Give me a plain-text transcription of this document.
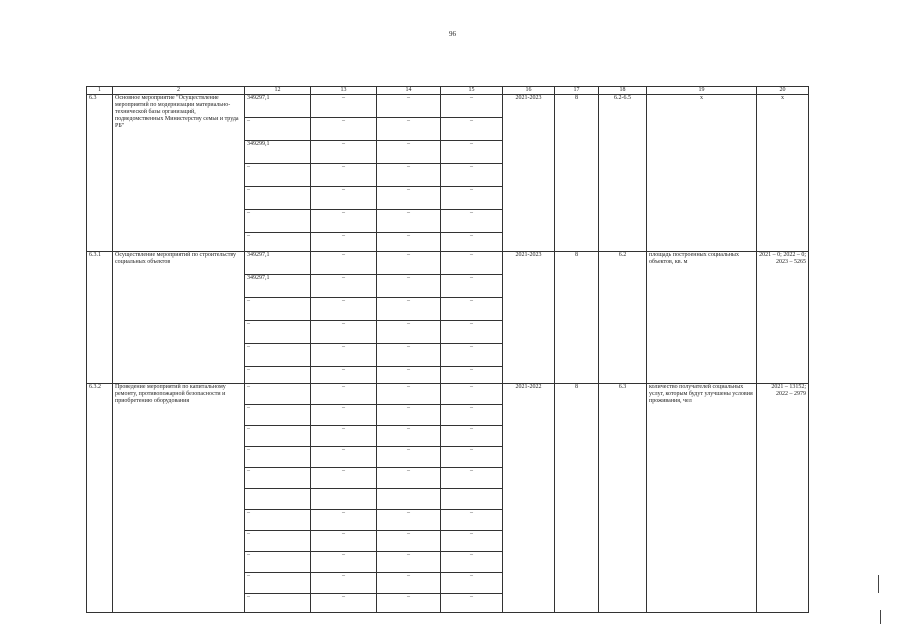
96
1	2	12	13	14	15	16	17	18	19	20
6.3	Основное мероприятие "Осуществление мероприятий по модернизации материально-технической базы организаций, подведомственных Министерству семьи и труда РБ"	349297,1	–	–	–	2021-2023	8	6.2-6.5	х	х
		–	–	–	–					
		349299,1	–	–	–					
		–	–	–	–					
		–	–	–	–					
		–	–	–	–					
		–	–	–	–					
6.3.1	Осуществление мероприятий по строительству социальных объектов	349297,1	–	–	–	2021-2023	8	6.2	площадь построенных социальных объектов, кв. м	2021 – 0; 2022 – 0; 2023 – 5265
		349297,1	–	–	–					
		–	–	–	–					
		–	–	–	–					
		–	–	–	–					
		–	–	–	–					
6.3.2	Проведение мероприятий по капитальному ремонту, противопожарной безопасности и приобретению оборудования	–	–	–	–	2021-2022	8	6.3	количество получателей социальных услуг, которым будут улучшены условия проживания, чел	2021 – 13152; 2022 – 2979
		–	–	–	–					
		–	–	–	–					
		–	–	–	–					
		–	–	–	–					

		–	–	–	–					
		–	–	–	–					
		–	–	–	–					
		–	–	–	–					
		–	–	–	–					
